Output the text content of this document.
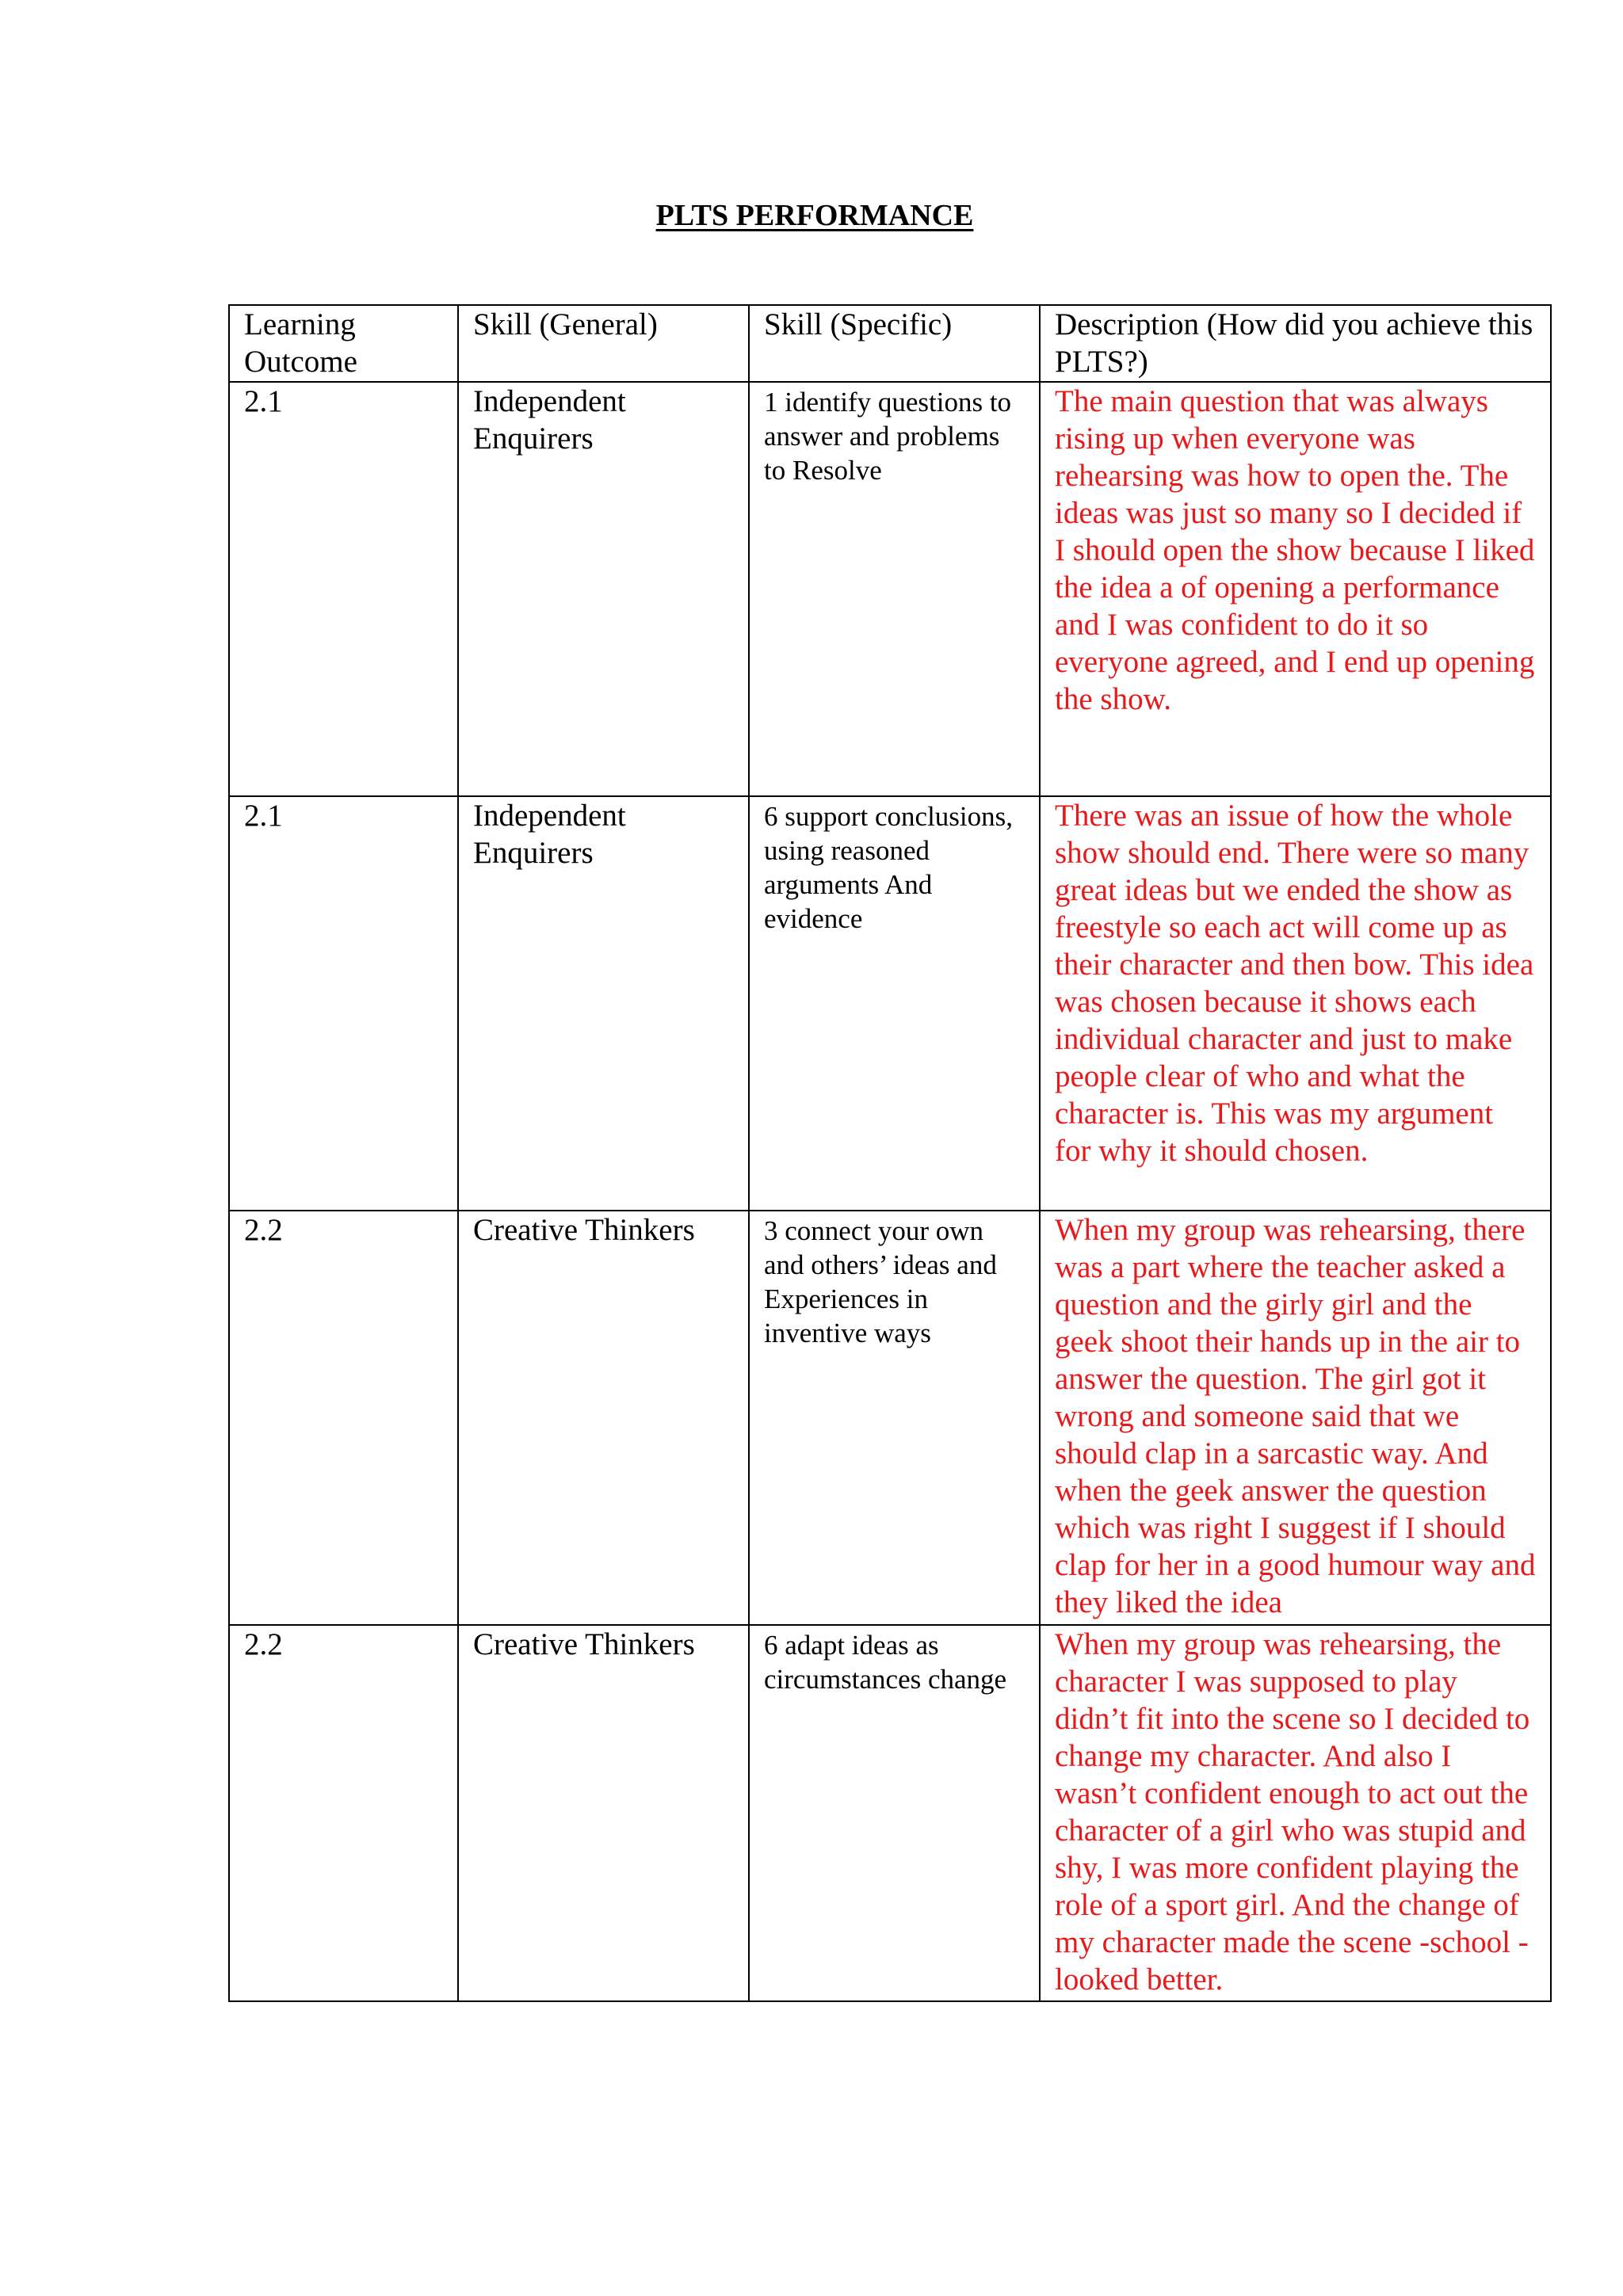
PLTS PERFORMANCE
Learning Outcome	Skill (General)	Skill (Specific)	Description (How did you achieve this PLTS?)

2.1	Independent Enquirers	1 identify questions to answer and problems to Resolve	The main question that was always rising up when everyone was rehearsing was how to open the. The ideas was just so many so I decided if I should open the show because I liked the idea a of opening a performance and I was confident to do it so everyone agreed, and I end up opening the show.

2.1	Independent Enquirers	6 support conclusions, using reasoned arguments And evidence	There was an issue of how the whole show should end. There were so many great ideas but we ended the show as freestyle so each act will come up as their character and then bow. This idea was chosen because it shows each individual character and just to make people clear of who and what the character is. This was my argument for why it should chosen.

2.2	Creative Thinkers	3 connect your own and others’ ideas and Experiences in inventive ways	When my group was rehearsing, there was a part where the teacher asked a question and the girly girl and the geek shoot their hands up in the air to answer the question. The girl got it wrong and someone said that we should clap in a sarcastic way. And when the geek answer the question which was right I suggest if I should clap for her in a good humour way and they liked the idea

2.2	Creative Thinkers	6 adapt ideas as circumstances change	When my group was rehearsing, the character I was supposed to play didn’t fit into the scene so I decided to change my character. And also I wasn’t confident enough to act out the character of a girl who was stupid and shy, I was more confident playing the role of a sport girl. And the change of my character made the scene -school -looked better.
